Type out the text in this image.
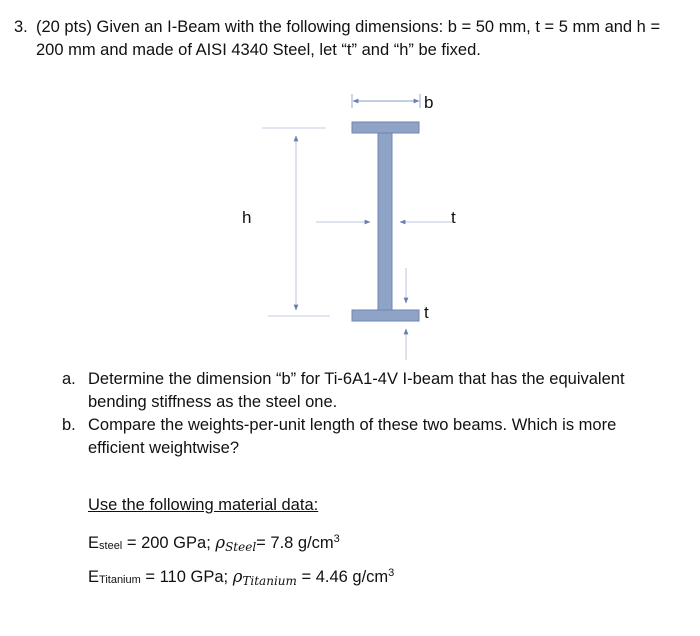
3. (20 pts) Given an I-Beam with the following dimensions: b = 50 mm, t = 5 mm and h =
200 mm and made of AISI 4340 Steel, let “t” and “h” be fixed.
b
h	t
t
a. Determine the dimension “b” for Ti-6A1-4V I-beam that has the equivalent
bending stiffness as the steel one.
b. Compare the weights-per-unit length of these two beams. Which is more
efficient weightwise?
Use the following material data:
Esteel = 200 GPa; ρSteel= 7.8 $g/cm^3$
ETitanium = 110 GPa; ρTitanium = 4.46 $g/cm^3$
